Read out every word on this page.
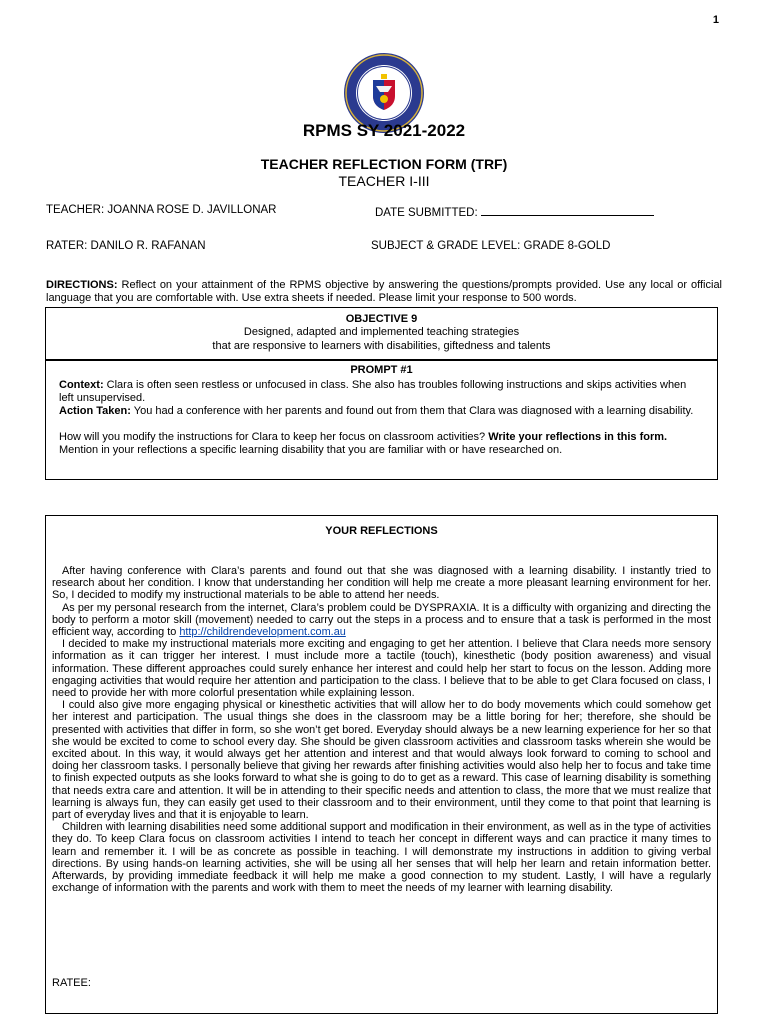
1
RPMS SY 2021-2022
TEACHER REFLECTION FORM (TRF)
TEACHER I-III
TEACHER: JOANNA ROSE D. JAVILLONAR	DATE SUBMITTED:
RATER: DANILO R. RAFANAN	SUBJECT & GRADE LEVEL: GRADE 8-GOLD
DIRECTIONS: Reflect on your attainment of the RPMS objective by answering the questions/prompts provided. Use any local or official language that you are comfortable with. Use extra sheets if needed. Please limit your response to 500 words.
OBJECTIVE 9
Designed, adapted and implemented teaching strategies
that are responsive to learners with disabilities, giftedness and talents
PROMPT #1

Context: Clara is often seen restless or unfocused in class. She also has troubles following instructions and skips activities when left unsupervised.

Action Taken: You had a conference with her parents and found out from them that Clara was diagnosed with a learning disability.

How will you modify the instructions for Clara to keep her focus on classroom activities? Write your reflections in this form. Mention in your reflections a specific learning disability that you are familiar with or have researched on.

YOUR REFLECTIONS

After having conference with Clara’s parents and found out that she was diagnosed with a learning disability. I instantly tried to research about her condition. I know that understanding her condition will help me create a more pleasant learning environment for her. So, I decided to modify my instructional materials to be able to attend her needs.

As per my personal research from the internet, Clara’s problem could be DYSPRAXIA. It is a difficulty with organizing and directing the body to perform a motor skill (movement) needed to carry out the steps in a process and to ensure that a task is performed in the most efficient way, according to http://childrendevelopment.com.au

I decided to make my instructional materials more exciting and engaging to get her attention. I believe that Clara needs more sensory information as it can trigger her interest. I must include more a tactile (touch), kinesthetic (body position awareness) and visual information. These different approaches could surely enhance her interest and could help her start to focus on the lesson. Adding more engaging activities that would require her attention and participation to the class. I believe that to be able to get Clara focused on class, I need to provide her with more colorful presentation while explaining lesson.

I could also give more engaging physical or kinesthetic activities that will allow her to do body movements which could somehow get her interest and participation. The usual things she does in the classroom may be a little boring for her; therefore, she should be presented with activities that differ in form, so she won’t get bored. Everyday should always be a new learning experience for her so that she would be excited to come to school every day. She should be given classroom activities and classroom tasks wherein she would be excited about. In this way, it would always get her attention and interest and that would always look forward to coming to school and doing her classroom tasks. I personally believe that giving her rewards after finishing activities would also help her to focus and take time to finish expected outputs as she looks forward to what she is going to do to get as a reward. This case of learning disability is something that needs extra care and attention. It will be in attending to their specific needs and attention to class, the more that we must realize that learning is always fun, they can easily get used to their classroom and to their environment, until they come to that point that learning is part of everyday lives and that it is enjoyable to learn.

Children with learning disabilities need some additional support and modification in their environment, as well as in the type of activities they do. To keep Clara focus on classroom activities I intend to teach her concept in different ways and can practice it many times to learn and remember it. I will be as concrete as possible in teaching. I will demonstrate my instructions in addition to giving verbal directions. By using hands-on learning activities, she will be using all her senses that will help her learn and retain information better. Afterwards, by providing immediate feedback it will help me make a good connection to my student. Lastly, I will have a regularly exchange of information with the parents and work with them to meet the needs of my learner with learning disability.

RATEE:
